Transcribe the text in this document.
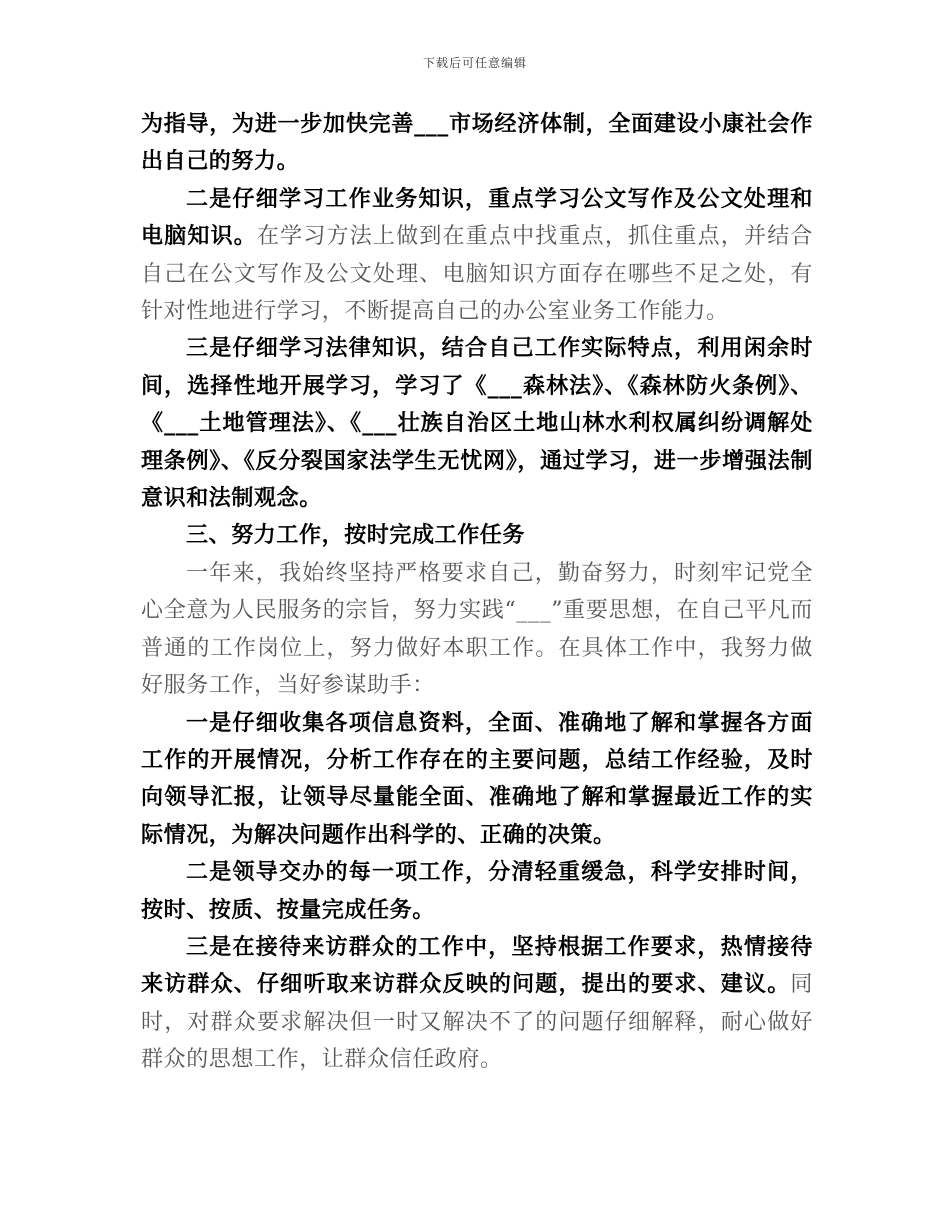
下载后可任意编辑

为指导，为进一步加快完善___市场经济体制，全面建设小康社会作出自己的努力。

二是仔细学习工作业务知识，重点学习公文写作及公文处理和电脑知识。在学习方法上做到在重点中找重点，抓住重点，并结合自己在公文写作及公文处理、电脑知识方面存在哪些不足之处，有针对性地进行学习，不断提高自己的办公室业务工作能力。

三是仔细学习法律知识，结合自己工作实际特点，利用闲余时间，选择性地开展学习，学习了《___森林法》、《森林防火条例》、《___土地管理法》、《___壮族自治区土地山林水利权属纠纷调解处理条例》、《反分裂国家法学生无忧网》，通过学习，进一步增强法制意识和法制观念。

三、努力工作，按时完成工作任务

一年来，我始终坚持严格要求自己，勤奋努力，时刻牢记党全心全意为人民服务的宗旨，努力实践“___”重要思想，在自己平凡而普通的工作岗位上，努力做好本职工作。在具体工作中，我努力做好服务工作，当好参谋助手：

一是仔细收集各项信息资料，全面、准确地了解和掌握各方面工作的开展情况，分析工作存在的主要问题，总结工作经验，及时向领导汇报，让领导尽量能全面、准确地了解和掌握最近工作的实际情况，为解决问题作出科学的、正确的决策。

二是领导交办的每一项工作，分清轻重缓急，科学安排时间，按时、按质、按量完成任务。

三是在接待来访群众的工作中，坚持根据工作要求，热情接待来访群众、仔细听取来访群众反映的问题，提出的要求、建议。同时，对群众要求解决但一时又解决不了的问题仔细解释，耐心做好群众的思想工作，让群众信任政府。
